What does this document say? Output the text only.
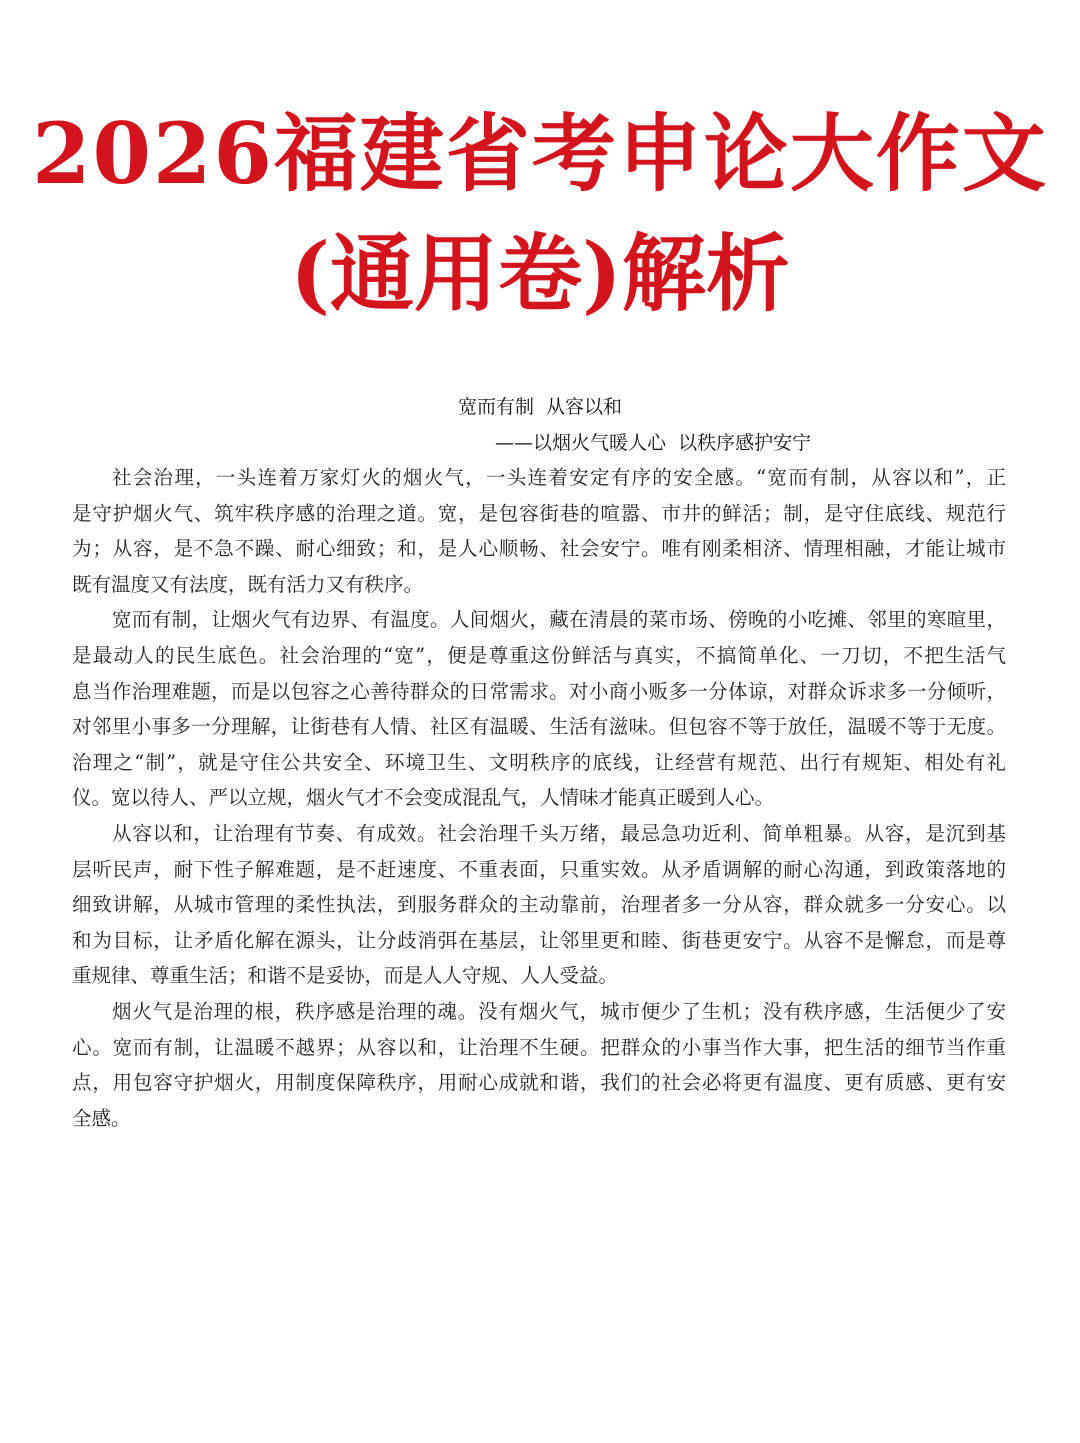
2026福建省考申论大作文
(通用卷)解析
宽而有制  从容以和
——以烟火气暖人心  以秩序感护安宁
社会治理，一头连着万家灯火的烟火气，一头连着安定有序的安全感。“宽而有制，从容以和”，正
是守护烟火气、筑牢秩序感的治理之道。宽，是包容街巷的喧嚣、市井的鲜活；制，是守住底线、规范行
为；从容，是不急不躁、耐心细致；和，是人心顺畅、社会安宁。唯有刚柔相济、情理相融，才能让城市
既有温度又有法度，既有活力又有秩序。
宽而有制，让烟火气有边界、有温度。人间烟火，藏在清晨的菜市场、傍晚的小吃摊、邻里的寒暄里，
是最动人的民生底色。社会治理的“宽”，便是尊重这份鲜活与真实，不搞简单化、一刀切，不把生活气
息当作治理难题，而是以包容之心善待群众的日常需求。对小商小贩多一分体谅，对群众诉求多一分倾听，
对邻里小事多一分理解，让街巷有人情、社区有温暖、生活有滋味。但包容不等于放任，温暖不等于无度。
治理之“制”，就是守住公共安全、环境卫生、文明秩序的底线，让经营有规范、出行有规矩、相处有礼
仪。宽以待人、严以立规，烟火气才不会变成混乱气，人情味才能真正暖到人心。
从容以和，让治理有节奏、有成效。社会治理千头万绪，最忌急功近利、简单粗暴。从容，是沉到基
层听民声，耐下性子解难题，是不赶速度、不重表面，只重实效。从矛盾调解的耐心沟通，到政策落地的
细致讲解，从城市管理的柔性执法，到服务群众的主动靠前，治理者多一分从容，群众就多一分安心。以
和为目标，让矛盾化解在源头，让分歧消弭在基层，让邻里更和睦、街巷更安宁。从容不是懈怠，而是尊
重规律、尊重生活；和谐不是妥协，而是人人守规、人人受益。
烟火气是治理的根，秩序感是治理的魂。没有烟火气，城市便少了生机；没有秩序感，生活便少了安
心。宽而有制，让温暖不越界；从容以和，让治理不生硬。把群众的小事当作大事，把生活的细节当作重
点，用包容守护烟火，用制度保障秩序，用耐心成就和谐，我们的社会必将更有温度、更有质感、更有安
全感。
